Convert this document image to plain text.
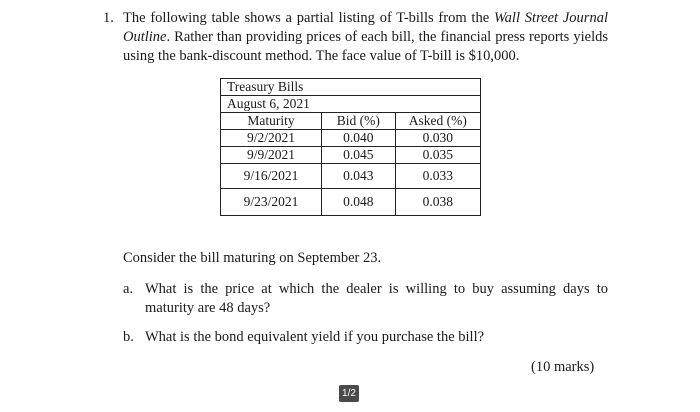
1. The following table shows a partial listing of T-bills from the Wall Street Journal Outline. Rather than providing prices of each bill, the financial press reports yields using the bank-discount method. The face value of T-bill is $10,000.
Treasury Bills		
August 6, 2021		
Maturity	Bid (%)	Asked (%)
9/2/2021	0.040	0.030
9/9/2021	0.045	0.035
9/16/2021	0.043	0.033
9/23/2021	0.048	0.038
Consider the bill maturing on September 23.
a. What is the price at which the dealer is willing to buy assuming days to maturity are 48 days?
b. What is the bond equivalent yield if you purchase the bill?
(10 marks)
1/2
